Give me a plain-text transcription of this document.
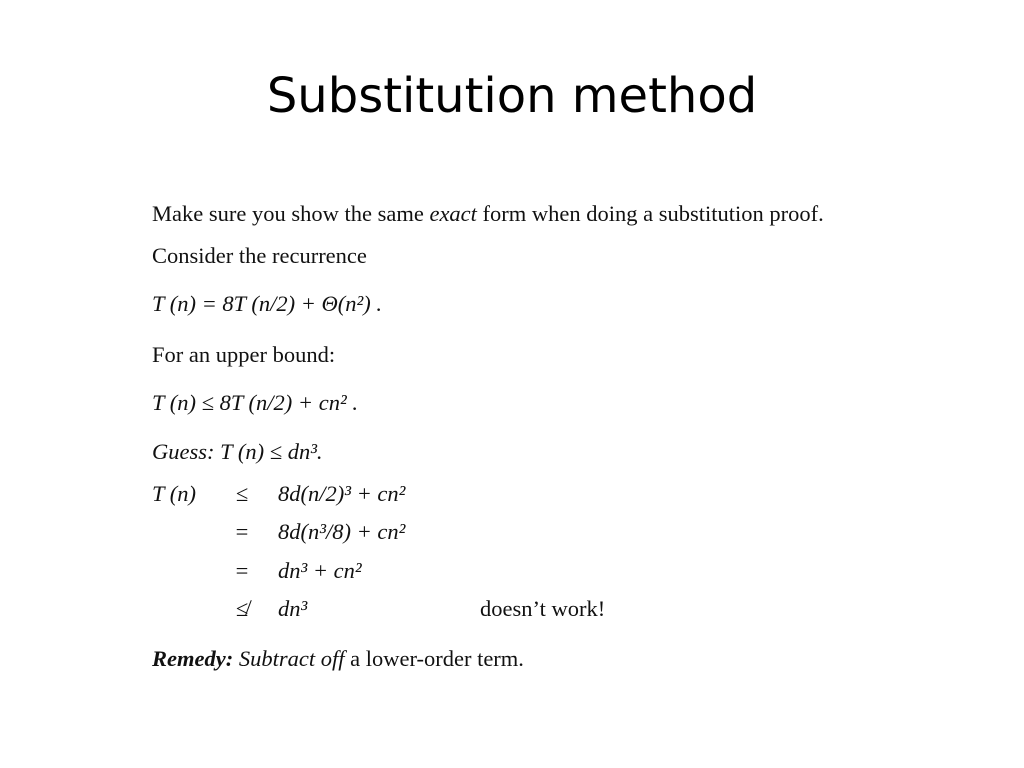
Substitution method
Make sure you show the same exact form when doing a substitution proof.
Consider the recurrence
T (n) = 8T (n/2) + Θ(n²) .
For an upper bound:
T (n) ≤ 8T (n/2) + cn² .
Guess: T (n) ≤ dn³.
T (n) ≤ 8d(n/2)³ + cn²
= 8d(n³/8) + cn²
= dn³ + cn²
≰ dn³	doesn’t work!
Remedy: Subtract off a lower-order term.
